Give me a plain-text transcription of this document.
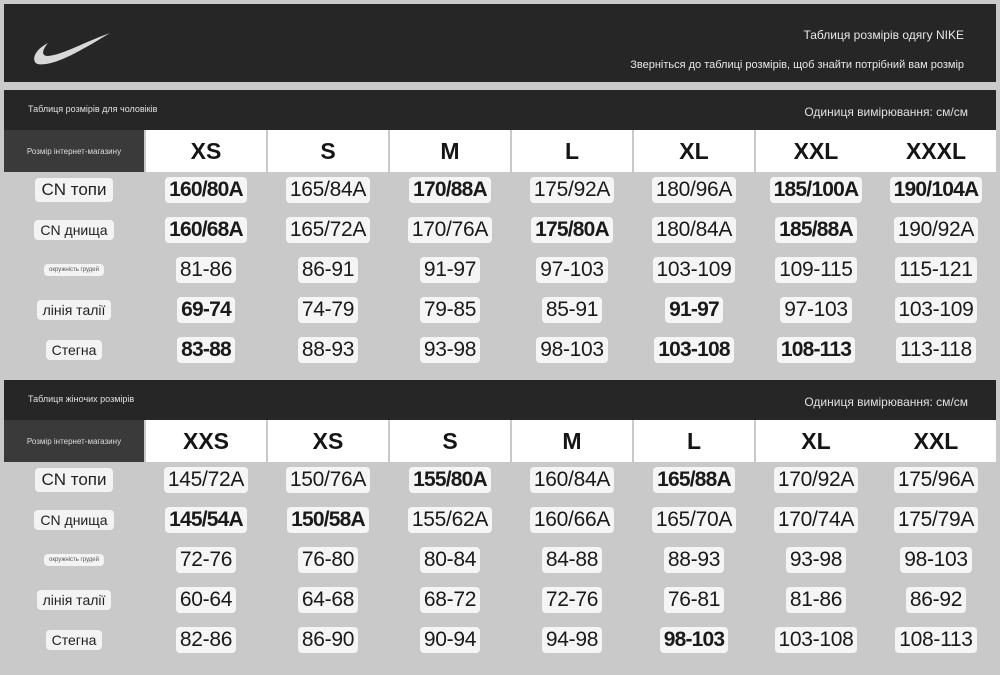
Таблиця розмірів одягу NIKE
Зверніться до таблиці розмірів, щоб знайти потрібний вам розмір
Таблиця розмірів для чоловіків	Одиниця вимірювання: см/см
Розмір інтернет-магазину	XS	S	M	L	XL	XXL	XXXL
CN топи	160/80A 165/84A 170/88A 175/92A 180/96A 185/100A 190/104A
CN днища	160/68A 165/72A 170/76A 175/80A 180/84A 185/88A 190/92A
окружність грудей	81-86	86-91	91-97	97-103	103-109 109-115 115-121
лінія талії	69-74	74-79	79-85	85-91	91-97	97-103 103-109
Стегна	83-88	88-93	93-98	98-103	103-108 108-113 113-118
Таблиця жіночих розмірів	Одиниця вимірювання: см/см
Розмір інтернет-магазину	XXS	XS	S	M	L	XL	XXL
CN топи	145/72A 150/76A 155/80A 160/84A 165/88A 170/92A 175/96A
CN днища	145/54A 150/58A 155/62A 160/66A 165/70A 170/74A 175/79A
окружність грудей	72-76	76-80	80-84	84-88	88-93	93-98	98-103
лінія талії	60-64	64-68	68-72	72-76	76-81	81-86	86-92
Стегна	82-86	86-90	90-94	94-98	98-103	103-108 108-113
